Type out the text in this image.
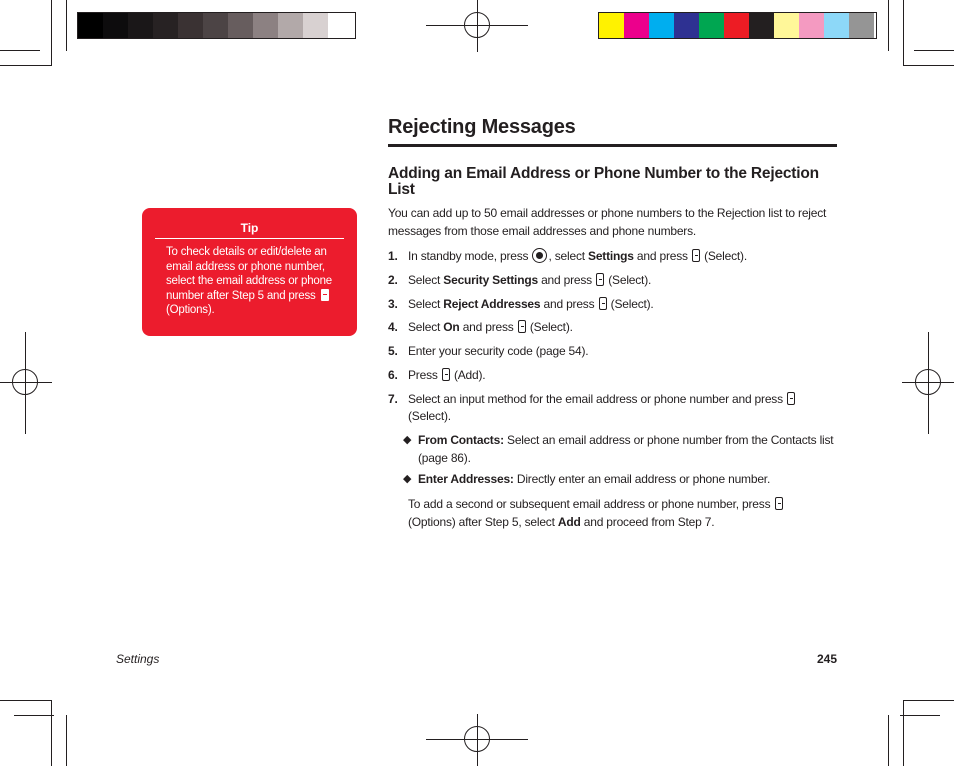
Tip
To check details or edit/delete an email address or phone number, select the email address or phone number after Step 5 and press  (Options).
Rejecting Messages
Adding an Email Address or Phone Number to the Rejection List
You can add up to 50 email addresses or phone numbers to the Rejection list to reject messages from those email addresses and phone numbers.
1. In standby mode, press , select Settings and press  (Select).
2. Select Security Settings and press  (Select).
3. Select Reject Addresses and press  (Select).
4. Select On and press  (Select).
5. Enter your security code (page 54).
6. Press  (Add).
7. Select an input method for the email address or phone number and press  (Select).
◆ From Contacts: Select an email address or phone number from the Contacts list (page 86).
◆ Enter Addresses: Directly enter an email address or phone number.
To add a second or subsequent email address or phone number, press  (Options) after Step 5, select Add and proceed from Step 7.
Settings	245
